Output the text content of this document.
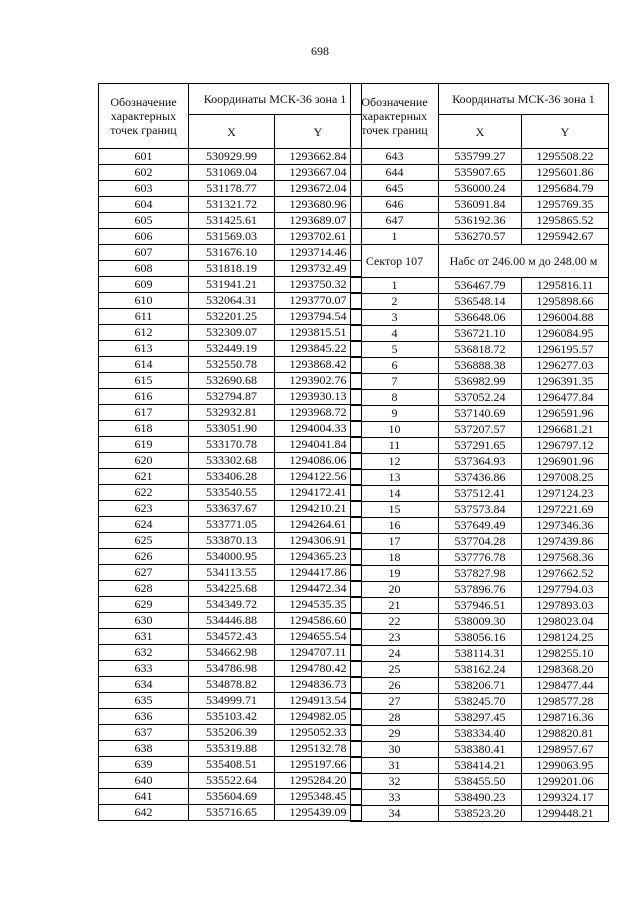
698
Обозначение характерных точек границ	Координаты МСК-36 зона 1	
	X	Y
601	530929.99	1293662.84
602	531069.04	1293667.04
603	531178.77	1293672.04
604	531321.72	1293680.96
605	531425.61	1293689.07
606	531569.03	1293702.61
607	531676.10	1293714.46
608	531818.19	1293732.49
609	531941.21	1293750.32
610	532064.31	1293770.07
611	532201.25	1293794.54
612	532309.07	1293815.51
613	532449.19	1293845.22
614	532550.78	1293868.42
615	532690.68	1293902.76
616	532794.87	1293930.13
617	532932.81	1293968.72
618	533051.90	1294004.33
619	533170.78	1294041.84
620	533302.68	1294086.06
621	533406.28	1294122.56
622	533540.55	1294172.41
623	533637.67	1294210.21
624	533771.05	1294264.61
625	533870.13	1294306.91
626	534000.95	1294365.23
627	534113.55	1294417.86
628	534225.68	1294472.34
629	534349.72	1294535.35
630	534446.88	1294586.60
631	534572.43	1294655.54
632	534662.98	1294707.11
633	534786.98	1294780.42
634	534878.82	1294836.73
635	534999.71	1294913.54
636	535103.42	1294982.05
637	535206.39	1295052.33
638	535319.88	1295132.78
639	535408.51	1295197.66
640	535522.64	1295284.20
641	535604.69	1295348.45
642	535716.65	1295439.09
Обозначение характерных точек границ	Координаты МСК-36 зона 1	
	X	Y
643	535799.27	1295508.22
644	535907.65	1295601.86
645	536000.24	1295684.79
646	536091.84	1295769.35
647	536192.36	1295865.52
1	536270.57	1295942.67
Сектор 107	Набс от 246.00 м до 248.00 м	
1	536467.79	1295816.11
2	536548.14	1295898.66
3	536648.06	1296004.88
4	536721.10	1296084.95
5	536818.72	1296195.57
6	536888.38	1296277.03
7	536982.99	1296391.35
8	537052.24	1296477.84
9	537140.69	1296591.96
10	537207.57	1296681.21
11	537291.65	1296797.12
12	537364.93	1296901.96
13	537436.86	1297008.25
14	537512.41	1297124.23
15	537573.84	1297221.69
16	537649.49	1297346.36
17	537704.28	1297439.86
18	537776.78	1297568.36
19	537827.98	1297662.52
20	537896.76	1297794.03
21	537946.51	1297893.03
22	538009.30	1298023.04
23	538056.16	1298124.25
24	538114.31	1298255.10
25	538162.24	1298368.20
26	538206.71	1298477.44
27	538245.70	1298577.28
28	538297.45	1298716.36
29	538334.40	1298820.81
30	538380.41	1298957.67
31	538414.21	1299063.95
32	538455.50	1299201.06
33	538490.23	1299324.17
34	538523.20	1299448.21
